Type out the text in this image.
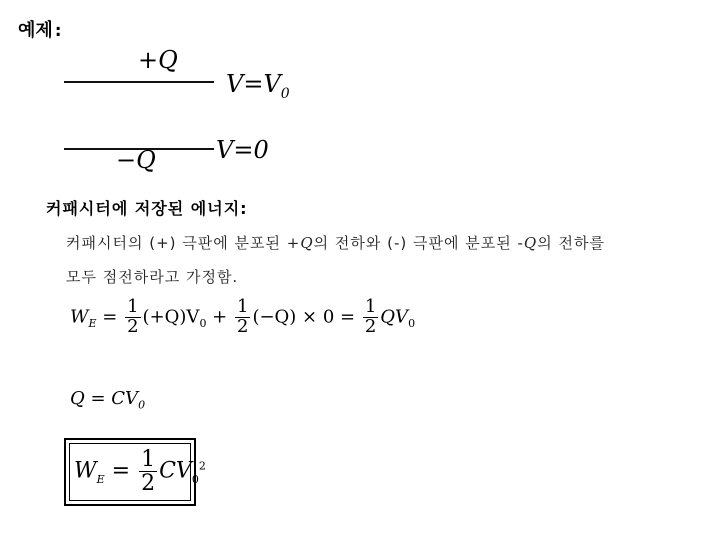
예제:
+Q
$V=V_0$
−Q	V=0
커패시터에 저장된 에너지:
커패시터의 (+) 극판에 분포된 +Q의 전하와 (-) 극판에 분포된 -Q의 전하를
모두 점전하라고 가정함.
$W_E = \frac{1}{2} (+Q)V_0 + \frac{1}{2} (-Q) \times 0 = \frac{1}{2} QV_0$
$Q = CV_0$
$W_E = \frac{1}{2} CV_0^2$
